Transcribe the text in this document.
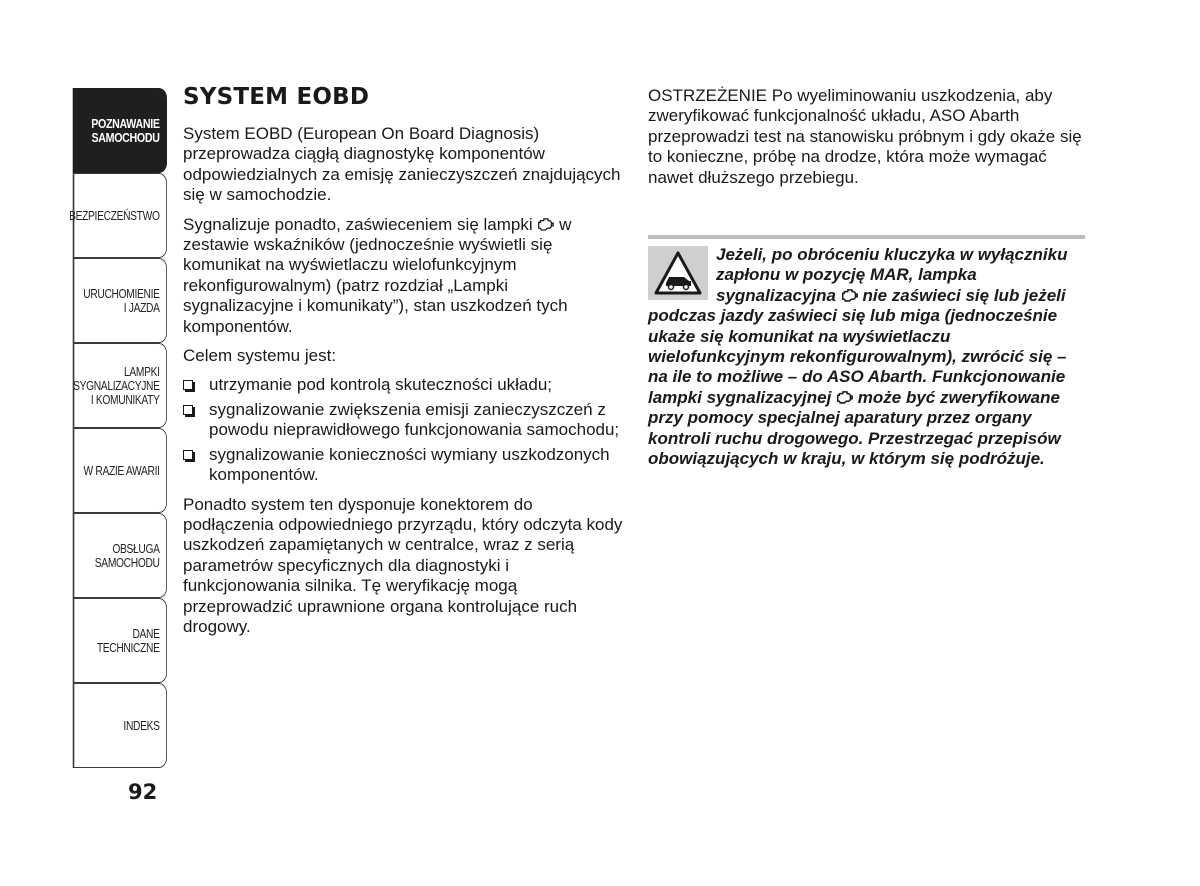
POZNAWANIE
SAMOCHODU
BEZPIECZEŃSTWO
URUCHOMIENIE
I JAZDA
LAMPKI
SYGNALIZACYJNE
I KOMUNIKATY
W RAZIE AWARII
OBSŁUGA
SAMOCHODU
DANE
TECHNICZNE
INDEKS
92
SYSTEM EOBD

System EOBD (European On Board Diagnosis) przeprowadza ciągłą diagnostykę komponentów odpowiedzialnych za emisję zanieczyszczeń znajdujących się w samochodzie.

Sygnalizuje ponadto, zaświeceniem się lampki w zestawie wskaźników (jednocześnie wyświetli się komunikat na wyświetlaczu wielofunkcyjnym rekonfigurowalnym) (patrz rozdział „Lampki sygnalizacyjne i komunikaty”), stan uszkodzeń tych komponentów.

Celem systemu jest:

utrzymanie pod kontrolą skuteczności układu;
sygnalizowanie zwiększenia emisji zanieczyszczeń z powodu nieprawidłowego funkcjonowania samochodu;
sygnalizowanie konieczności wymiany uszkodzonych komponentów.

Ponadto system ten dysponuje konektorem do podłączenia odpowiedniego przyrządu, który odczyta kody uszkodzeń zapamiętanych w centralce, wraz z serią parametrów specyficznych dla diagnostyki i funkcjonowania silnika. Tę weryfikację mogą przeprowadzić uprawnione organa kontrolujące ruch drogowy.

OSTRZEŻENIE Po wyeliminowaniu uszkodzenia, aby zweryfikować funkcjonalność układu, ASO Abarth przeprowadzi test na stanowisku próbnym i gdy okaże się to konieczne, próbę na drodze, która może wymagać nawet dłuższego przebiegu.

Jeżeli, po obróceniu kluczyka w wyłączniku zapłonu w pozycję MAR, lampka sygnalizacyjna nie zaświeci się lub jeżeli podczas jazdy zaświeci się lub miga (jednocześnie ukaże się komunikat na wyświetlaczu wielofunkcyjnym rekonfigurowalnym), zwrócić się – na ile to możliwe – do ASO Abarth. Funkcjonowanie lampki sygnalizacyjnej może być zweryfikowane przy pomocy specjalnej aparatury przez organy kontroli ruchu drogowego. Przestrzegać przepisów obowiązujących w kraju, w którym się podróżuje.
